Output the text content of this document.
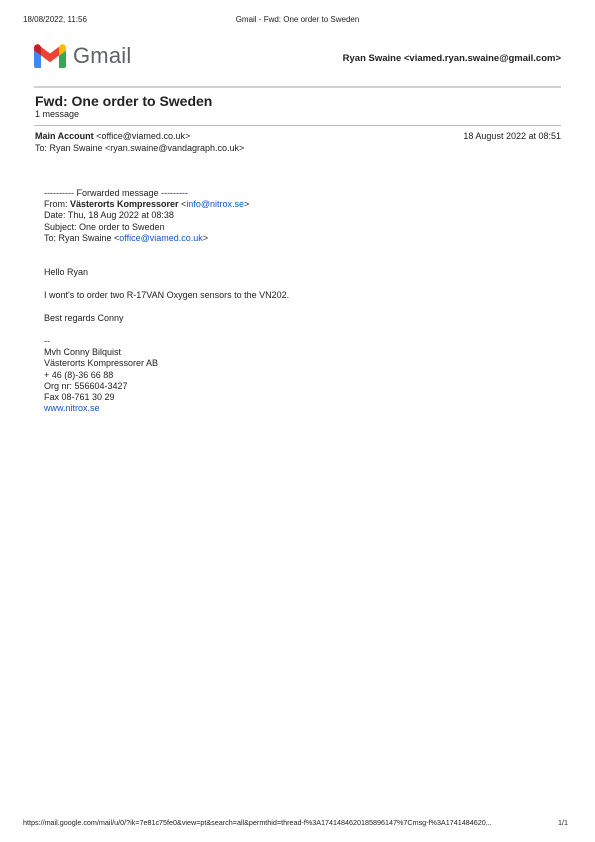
18/08/2022, 11:56	Gmail - Fwd: One order to Sweden
Gmail	Ryan Swaine <viamed.ryan.swaine@gmail.com>
Fwd: One order to Sweden
1 message
Main Account <office@viamed.co.uk>	18 August 2022 at 08:51
To: Ryan Swaine <ryan.swaine@vandagraph.co.uk>
---------- Forwarded message ---------
From: Västerorts Kompressorer <info@nitrox.se>
Date: Thu, 18 Aug 2022 at 08:38
Subject: One order to Sweden
To: Ryan Swaine <office@viamed.co.uk>
Hello Ryan
I wont's to order two R-17VAN Oxygen sensors to the VN202.
Best regards Conny
--
Mvh Conny Bilquist
Västerorts Kompressorer AB
+ 46 (8)-36 66 88
Org nr: 556604-3427
Fax 08-761 30 29
www.nitrox.se
https://mail.google.com/mail/u/0/?ik=7e81c75fe0&view=pt&search=all&permthid=thread-f%3A1741484620185896147%7Cmsg-f%3A1741484620...	1/1
